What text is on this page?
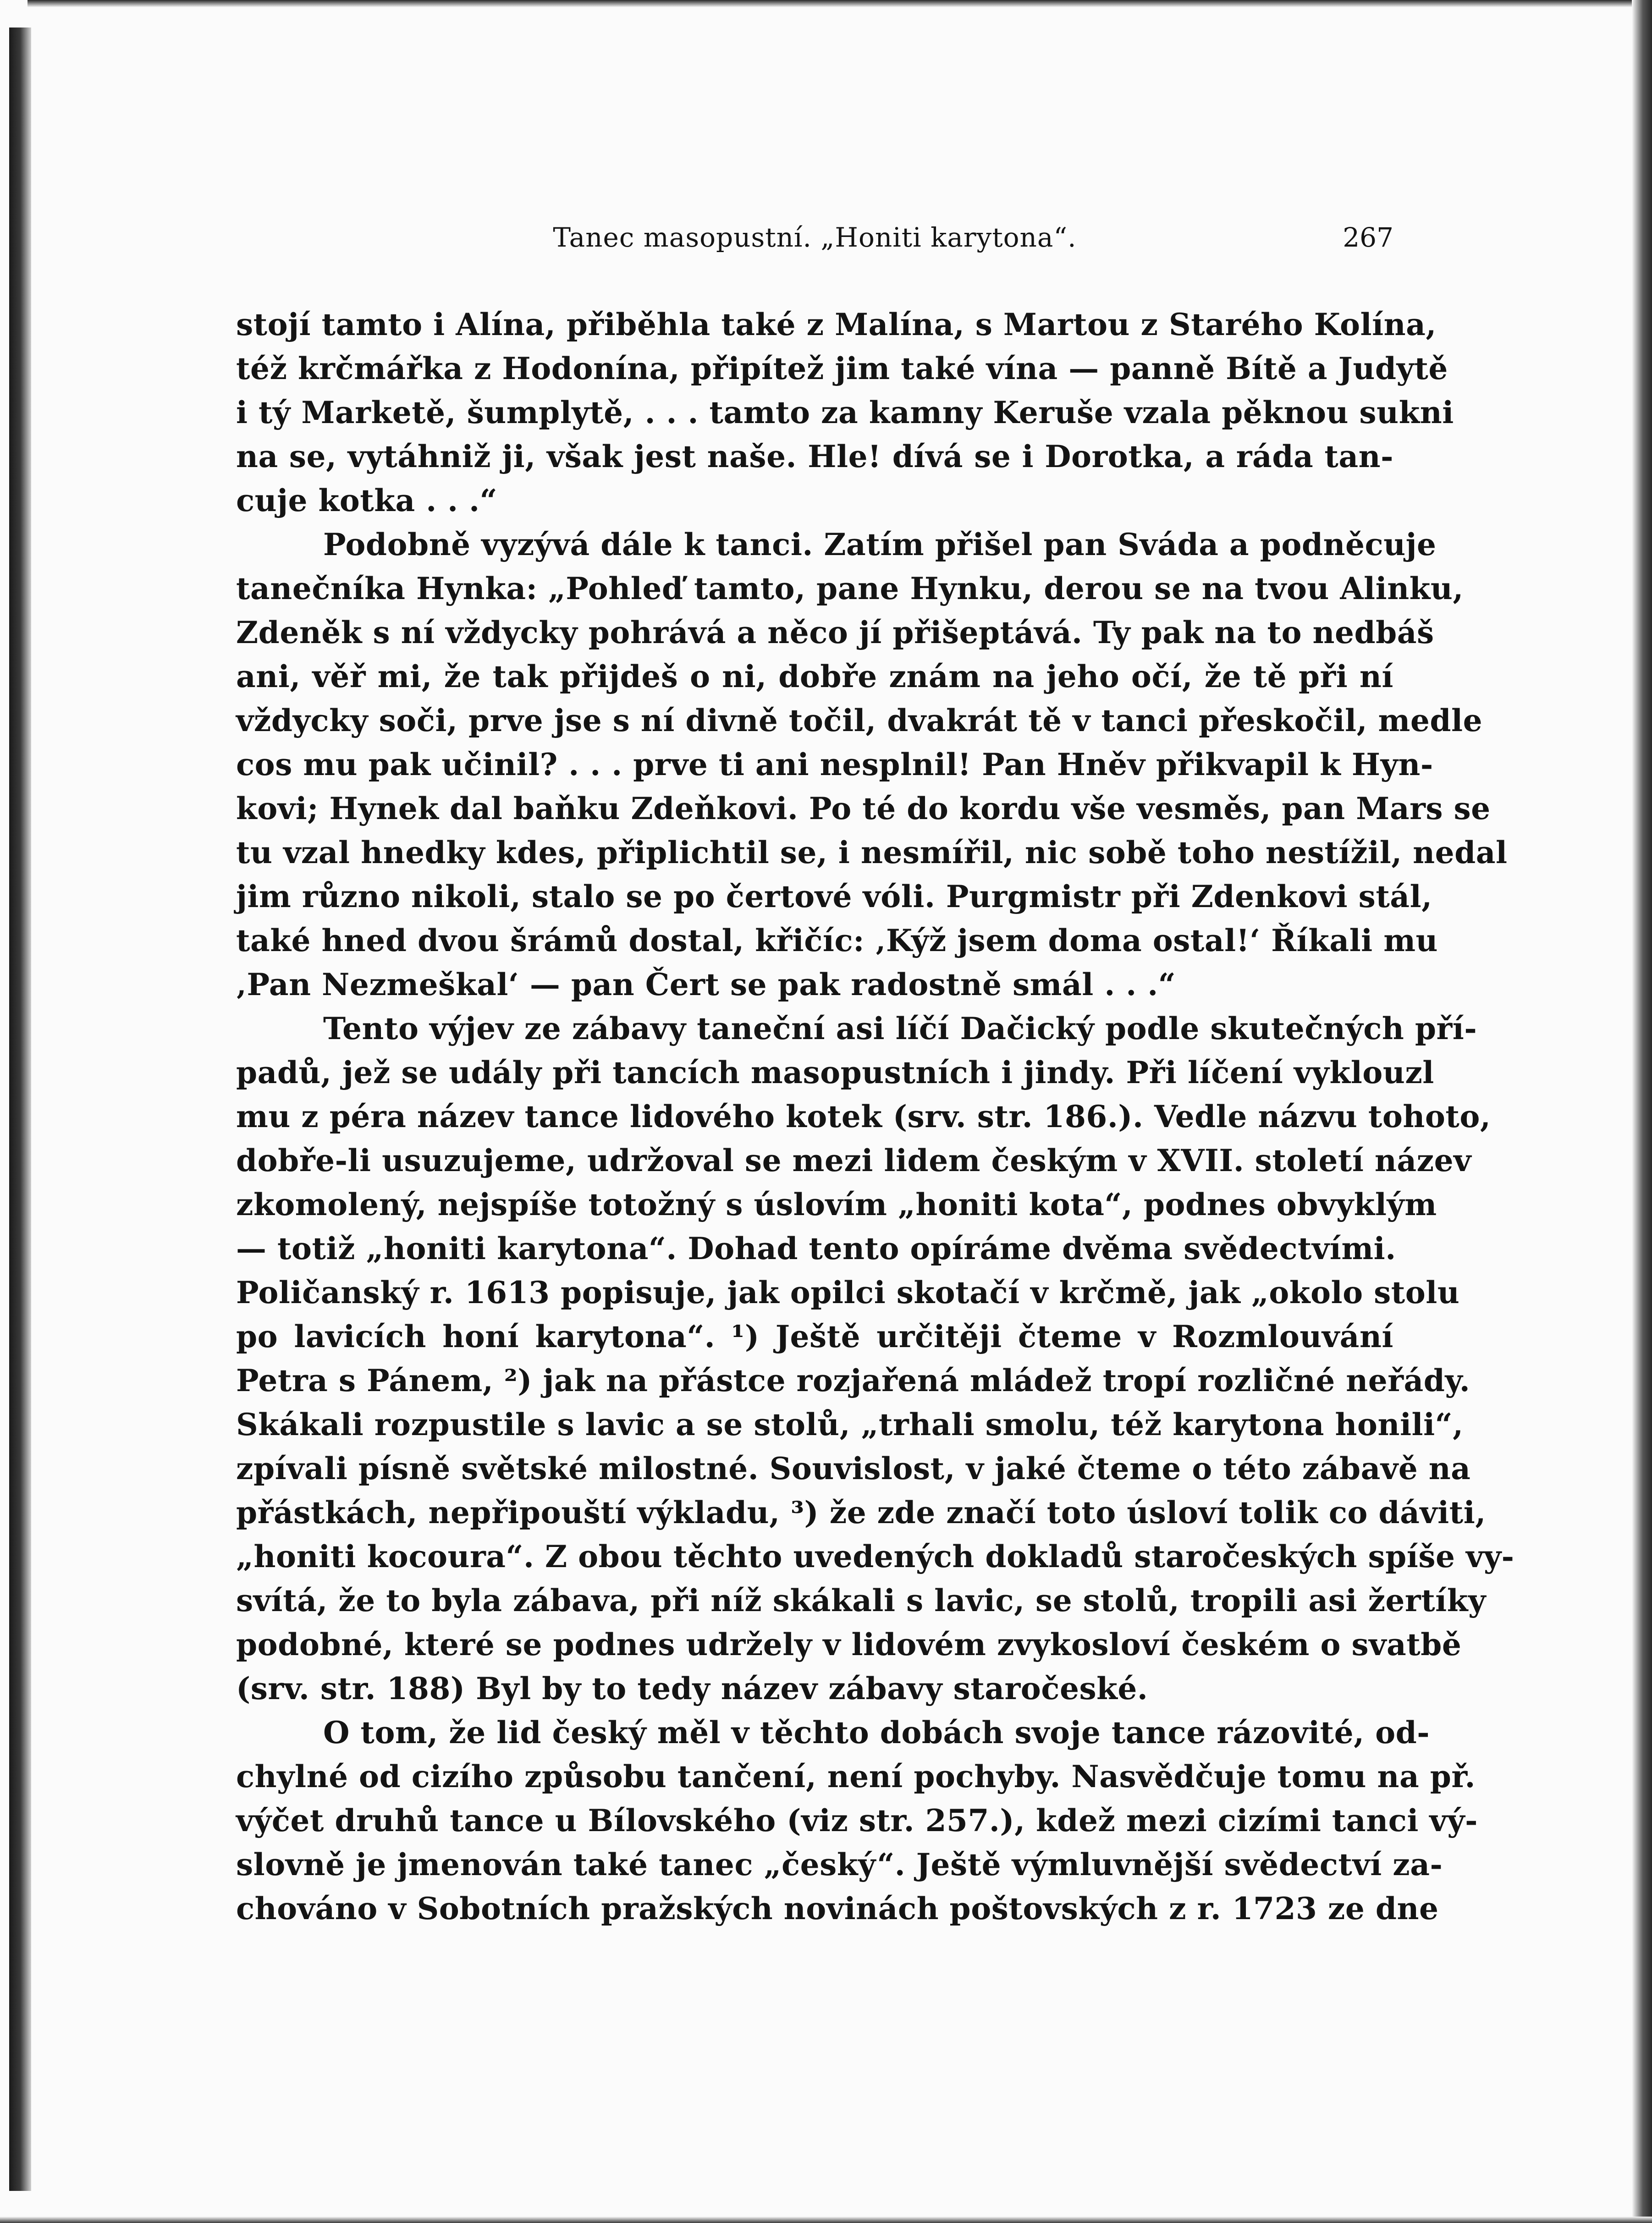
Tanec masopustní. „Honiti karytona“.	267
stojí tamto i Alína, přiběhla také z Malína, s Martou z Starého Kolína,
též krčmářka z Hodonína, připítež jim také vína — panně Bítě a Judytě
i tý Marketě, šumplytě, . . . tamto za kamny Keruše vzala pěknou sukni
na se, vytáhniž ji, však jest naše. Hle! dívá se i Dorotka, a ráda tan-
cuje kotka . . .“
Podobně vyzývá dále k tanci. Zatím přišel pan Sváda a podněcuje
tanečníka Hynka: „Pohleď tamto, pane Hynku, derou se na tvou Alinku,
Zdeněk s ní vždycky pohrává a něco jí přišeptává. Ty pak na to nedbáš
ani, věř mi, že tak přijdeš o ni, dobře znám na jeho očí, že tě při ní
vždycky soči, prve jse s ní divně točil, dvakrát tě v tanci přeskočil, medle
cos mu pak učinil? . . . prve ti ani nesplnil! Pan Hněv přikvapil k Hyn-
kovi; Hynek dal baňku Zdeňkovi. Po té do kordu vše vesměs, pan Mars se
tu vzal hnedky kdes, připlichtil se, i nesmířil, nic sobě toho nestížil, nedal
jim různo nikoli, stalo se po čertové vóli. Purgmistr při Zdenkovi stál,
také hned dvou šrámů dostal, křičíc: ‚Kýž jsem doma ostal!‘ Říkali mu
‚Pan Nezmeškal‘ — pan Čert se pak radostně smál . . .“
Tento výjev ze zábavy taneční asi líčí Dačický podle skutečných pří-
padů, jež se udály při tancích masopustních i jindy. Při líčení vyklouzl
mu z péra název tance lidového kotek (srv. str. 186.). Vedle názvu tohoto,
dobře-li usuzujeme, udržoval se mezi lidem českým v XVII. století název
zkomolený, nejspíše totožný s úslovím „honiti kota“, podnes obvyklým
— totiž „honiti karytona“. Dohad tento opíráme dvěma svědectvími.
Poličanský r. 1613 popisuje, jak opilci skotačí v krčmě, jak „okolo stolu
po lavicích honí karytona“. ¹) Ještě určitěji čteme v Rozmlouvání
Petra s Pánem, ²) jak na přástce rozjařená mládež tropí rozličné neřády.
Skákali rozpustile s lavic a se stolů, „trhali smolu, též karytona honili“,
zpívali písně světské milostné. Souvislost, v jaké čteme o této zábavě na
přástkách, nepřipouští výkladu, ³) že zde značí toto úsloví tolik co dáviti,
„honiti kocoura“. Z obou těchto uvedených dokladů staročeských spíše vy-
svítá, že to byla zábava, při níž skákali s lavic, se stolů, tropili asi žertíky
podobné, které se podnes udržely v lidovém zvykosloví českém o svatbě
(srv. str. 188) Byl by to tedy název zábavy staročeské.
O tom, že lid český měl v těchto dobách svoje tance rázovité, od-
chylné od cizího způsobu tančení, není pochyby. Nasvědčuje tomu na př.
výčet druhů tance u Bílovského (viz str. 257.), kdež mezi cizími tanci vý-
slovně je jmenován také tanec „český“. Ještě výmluvnější svědectví za-
chováno v Sobotních pražských novinách poštovských z r. 1723 ze dne
